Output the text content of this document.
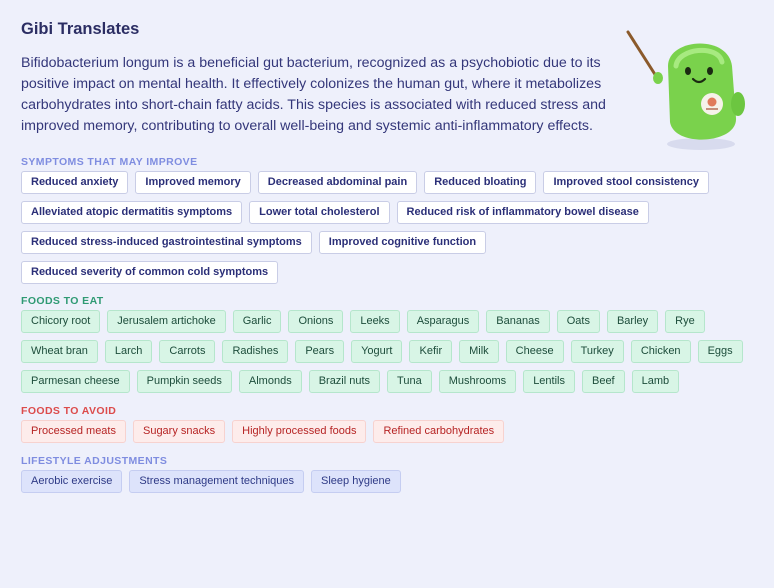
Gibi Translates
Bifidobacterium longum is a beneficial gut bacterium, recognized as a psychobiotic due to its positive impact on mental health. It effectively colonizes the human gut, where it metabolizes carbohydrates into short-chain fatty acids. This species is associated with reduced stress and improved memory, contributing to overall well-being and systemic anti-inflammatory effects.
SYMPTOMS THAT MAY IMPROVE
Reduced anxiety	Improved memory	Decreased abdominal pain	Reduced bloating	Improved stool consistency
Alleviated atopic dermatitis symptoms	Lower total cholesterol	Reduced risk of inflammatory bowel disease
Reduced stress-induced gastrointestinal symptoms	Improved cognitive function
Reduced severity of common cold symptoms
FOODS TO EAT
Chicory root	Jerusalem artichoke	Garlic	Onions	Leeks	Asparagus	Bananas	Oats	Barley	Rye
Wheat bran	Larch	Carrots	Radishes	Pears	Yogurt	Kefir	Milk	Cheese	Turkey	Chicken	Eggs
Parmesan cheese	Pumpkin seeds	Almonds	Brazil nuts	Tuna	Mushrooms	Lentils	Beef	Lamb
FOODS TO AVOID
Processed meats	Sugary snacks	Highly processed foods	Refined carbohydrates
LIFESTYLE ADJUSTMENTS
Aerobic exercise	Stress management techniques	Sleep hygiene
